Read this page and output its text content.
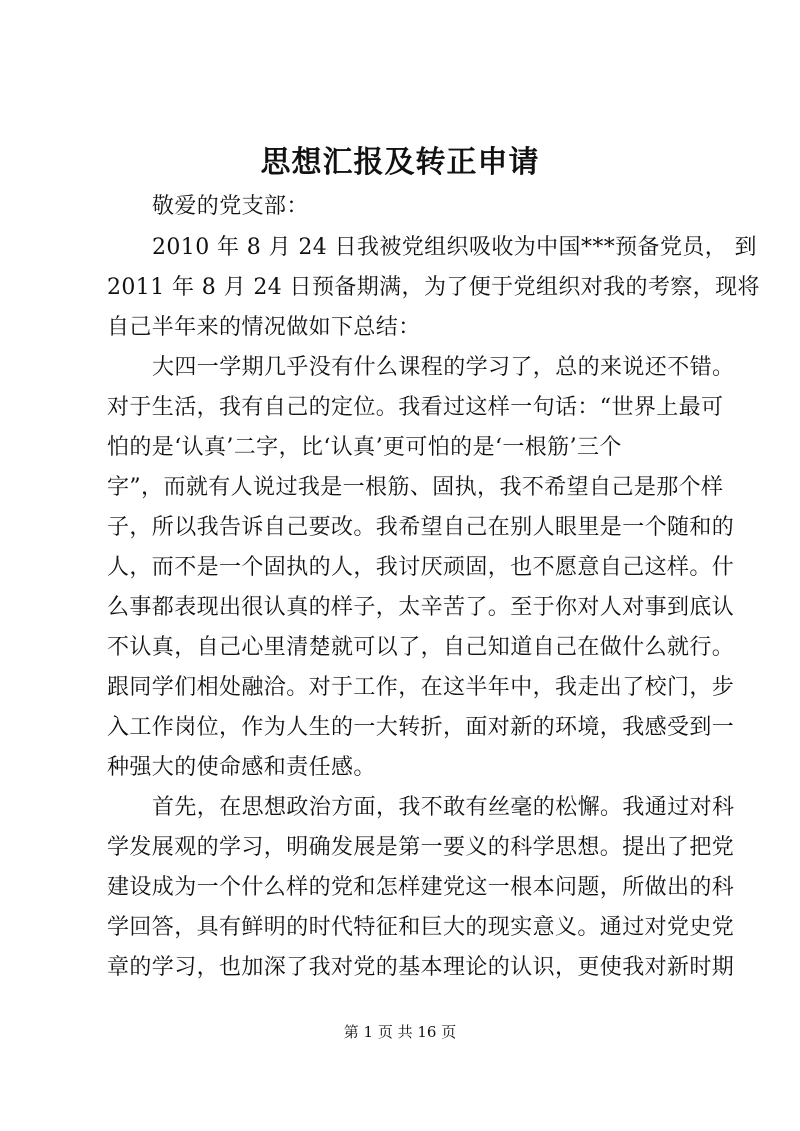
思想汇报及转正申请
敬爱的党支部：
2010 年 8 月 24 日我被党组织吸收为中国***预备党员， 到
2011 年 8 月 24 日预备期满，为了便于党组织对我的考察，现将
自己半年来的情况做如下总结：
大四一学期几乎没有什么课程的学习了，总的来说还不错。
对于生活，我有自己的定位。我看过这样一句话：“世界上最可
怕的是‘认真’二字，比‘认真’更可怕的是‘一根筋’三个
字”，而就有人说过我是一根筋、固执，我不希望自己是那个样
子，所以我告诉自己要改。我希望自己在别人眼里是一个随和的
人，而不是一个固执的人，我讨厌顽固，也不愿意自己这样。什
么事都表现出很认真的样子，太辛苦了。至于你对人对事到底认
不认真，自己心里清楚就可以了，自己知道自己在做什么就行。
跟同学们相处融洽。对于工作，在这半年中，我走出了校门，步
入工作岗位，作为人生的一大转折，面对新的环境，我感受到一
种强大的使命感和责任感。
首先，在思想政治方面，我不敢有丝毫的松懈。我通过对科
学发展观的学习，明确发展是第一要义的科学思想。提出了把党
建设成为一个什么样的党和怎样建党这一根本问题，所做出的科
学回答，具有鲜明的时代特征和巨大的现实意义。通过对党史党
章的学习，也加深了我对党的基本理论的认识，更使我对新时期
第 1 页 共 16 页
